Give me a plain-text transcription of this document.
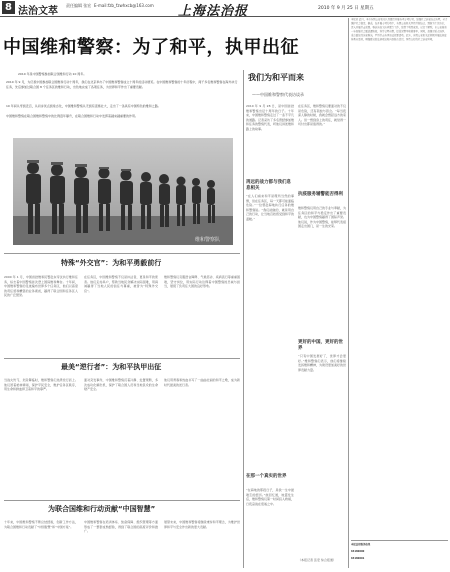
8 法治文萃
责任编辑 张宏 E-mail:fzb_fzwhxcb@163.com 上海法治报	2010 年 9 月 25 日 星期五
中国维和警察：为了和平，执甲出征
2010 年是中国警察参加联合国维和行动 10 周年。
2010 年 9 月，为庆祝中国参加联合国维和行动十周年，我们在北京举办了中国维和警察成立十周年的活动展览。在中国维和警察的十年历程中，两千多名维和警察在海外执行任务，先后参加过联合国 8 个任务区的维和行动，出色地完成了各项任务，为世界和平作出了重要贡献。
10 年间从零到近百，从初步试点到常态化，中国维和警察从无到有逐渐壮大，走出了一条具有中国特色的维和之路。
中国维和警察在联合国维和警察中的比例逐年攀升，在联合国维和行动中发挥着越来越重要的作用。
维和警察队
特殊“外交官”：为和平勇毅前行
2000 年 1 月，中国首批维和民警赴东帝汶执行维和任务，标志着中国警察首次登上国际维和舞台。十年间，中国维和警察的足迹遍布世界多个任务区，他们以高度的责任感和精湛的业务素质，赢得了联合国和任务区人民的广泛赞誉。
在任务区，中国维和警察不仅是执法者，更是和平的使者。他们走村串户，帮助当地民众解决实际困难，用真诚赢得了当地人民的信任与尊重，被誉为“特殊外交官”。
维和警察们克服语言障碍、气候恶劣、疾病流行等重重困难，坚守岗位，用实际行动诠释着中国警察的忠诚与担当，展现了负责任大国的良好形象。
最美“逆行者”：为和平执甲出征
当战火纷飞、危险降临时，维和警察们选择逆行而上。他们冒着枪林弹雨，保护平民安全，维护任务区秩序，用生命和鲜血捍卫着和平的尊严。
面对突发事件，中国维和警察沉着冷静、处置果断，多次成功化解危机，保护了联合国人员和当地民众的生命财产安全。
他们用青春和热血书写了一曲曲壮丽的和平之歌，成为新时代最美的逆行者。
为联合国维和行动贡献“中国智慧”
十年来，中国维和警察不断总结经验，创新工作方法，为联合国维和行动贡献了“中国智慧”和“中国方案”。
中国维和警察在培训体系、装备保障、组织管理等方面形成了一整套成熟经验，得到了联合国的高度评价和推广。
展望未来，中国维和警察将继续秉持和平理念，为维护世界和平与安全作出新的更大贡献。
我们为和平而来
——中国维和警察代表访谈录
2010 年 9 月 28 日，是中国首批维和警察出征十周年的日子。十年来，中国维和警察走过了一条不平凡的道路。记者采访了多名曾经参加维和任务的警察代表，听他们讲述维和路上的故事。
再远的战力都与我们息息相关
“在人们看来和平是理所当然的事情，但在任务区，每一天都可能面临危险。”一位曾赴海地执行任务的维和警察说。“我们能做的，就是用自己的行动，让当地百姓感受到和平的温暖。”
在那一个真实的世界
“在海地的那段日子，是我一生中最难忘的经历。”他回忆道，地震发生后，维和警察们第一时间投入救援，日夜奋战在废墟之中。
在任务区，维和警察们要面对的不仅是危险，还有孤独与思念。“每当夜深人静的时候，我就会想起远方的家人。但一想到身上的责任，就觉得一切付出都是值得的。”
抗疫服务辅警能否得利
维和警察们用自己的专业与奉献，为任务区的和平与稳定作出了重要贡献，也为中国警察赢得了国际声誉。他们说，作为中国警察，能够代表祖国走出国门，是一生的光荣。
更好的中国，更好的世界
“只有中国发展好了，世界才会更好。”维和警察们表示，他们将继续发扬维和精神，为建设更加美好的世界贡献力量。
（本报记者 张宏 综合报道）
本报讯 近日，本市各级公安机关认真组织开展各项专项行动，加强社会治安综合治理，全力维护社会稳定。据悉，在开展专项行动中，各级公安机关坚持打防结合、预防为主的方针，深入开展打击犯罪、整治治安突出问题等工作，取得了明显成效。记者了解到，市公安局进一步加强社会面巡逻防控，科学合理布警，提高见警率和管事率。同时，加强对重点地区、重点部位的治安整治，严厉打击各类违法犯罪活动。此外，各级公安机关还积极开展法制宣传教育活动，增强群众的法制观念和自我防范意识，营造良好的社会治安环境。
本报法律服务热线
64180000
64180001
